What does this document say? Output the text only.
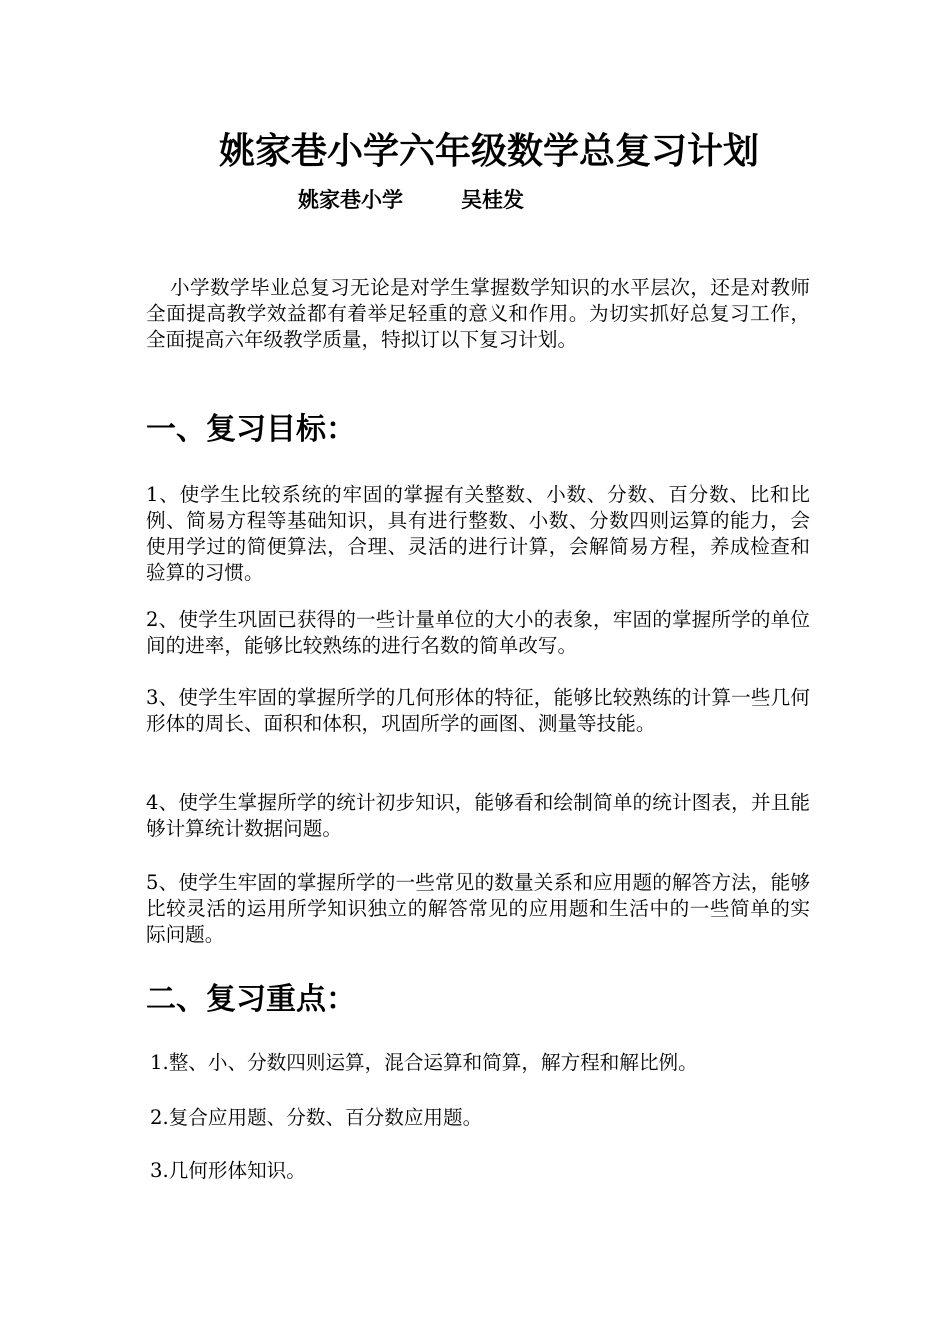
姚家巷小学六年级数学总复习计划
姚家巷小学	吴桂发

小学数学毕业总复习无论是对学生掌握数学知识的水平层次，还是对教师全面提高教学效益都有着举足轻重的意义和作用。为切实抓好总复习工作，全面提高六年级教学质量，特拟订以下复习计划。

一、复习目标：

1、使学生比较系统的牢固的掌握有关整数、小数、分数、百分数、比和比例、简易方程等基础知识，具有进行整数、小数、分数四则运算的能力，会使用学过的简便算法，合理、灵活的进行计算，会解简易方程，养成检查和验算的习惯。

2、使学生巩固已获得的一些计量单位的大小的表象，牢固的掌握所学的单位间的进率，能够比较熟练的进行名数的简单改写。

3、使学生牢固的掌握所学的几何形体的特征，能够比较熟练的计算一些几何形体的周长、面积和体积，巩固所学的画图、测量等技能。

4、使学生掌握所学的统计初步知识，能够看和绘制简单的统计图表，并且能够计算统计数据问题。

5、使学生牢固的掌握所学的一些常见的数量关系和应用题的解答方法，能够比较灵活的运用所学知识独立的解答常见的应用题和生活中的一些简单的实际问题。

二、复习重点：

1.整、小、分数四则运算，混合运算和简算，解方程和解比例。

2.复合应用题、分数、百分数应用题。

3.几何形体知识。
